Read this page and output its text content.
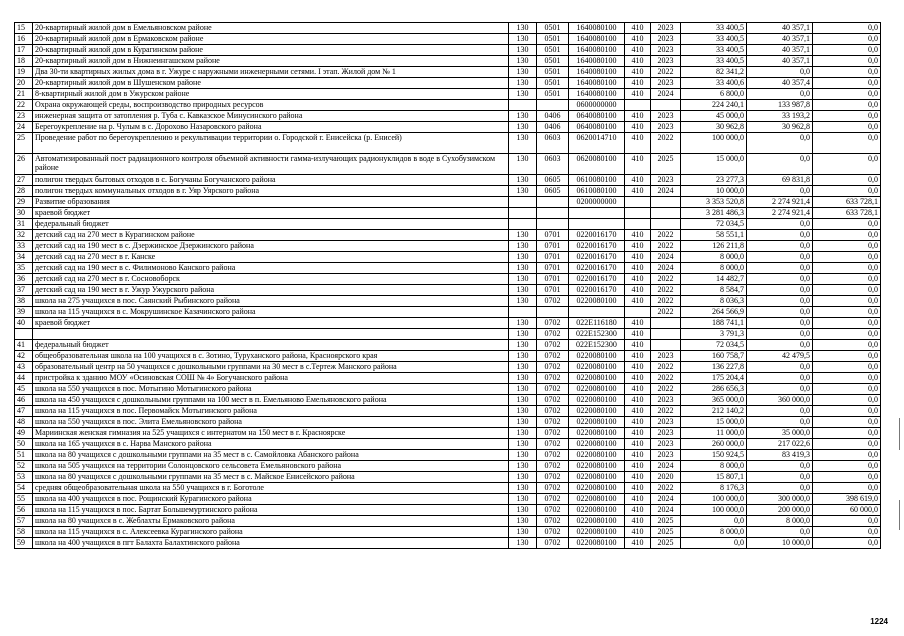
15	20-квартирный жилой дом в Емельяновском районе	130	0501	1640080100	410	2023	33 400,5	40 357,1	0,0
16	20-квартирный жилой дом в Ермаковском районе	130	0501	1640080100	410	2023	33 400,5	40 357,1	0,0
17	20-квартирный жилой дом в Курагинском районе	130	0501	1640080100	410	2023	33 400,5	40 357,1	0,0
18	20-квартирный жилой дом в Нижнеингашском районе	130	0501	1640080100	410	2023	33 400,5	40 357,1	0,0
19	Два 30-ти квартирных жилых дома в г. Ужуре с наружными инженерными сетями. I этап. Жилой дом № 1	130	0501	1640080100	410	2022	82 341,2	0,0	0,0
20	20-квартирный жилой дом в Шушенском районе	130	0501	1640080100	410	2023	33 400,6	40 357,4	0,0
21	8-квартирный жилой дом в Ужурском районе	130	0501	1640080100	410	2024	6 800,0	0,0	0,0
22	Охрана окружающей среды, воспроизводство природных ресурсов			0600000000			224 240,1	133 987,8	0,0
23	инженерная защита от затопления р. Туба с. Кавказское Минусинского района	130	0406	0640080100	410	2023	45 000,0	33 193,2	0,0
24	Берегоукрепление на р. Чулым в с. Дорохово Назаровского района	130	0406	0640080100	410	2023	30 962,8	30 962,8	0,0
25	Проведение работ по берегоукреплению и рекультивации территории о. Городской г. Енисейска (р. Енисей)	130	0603	0620014710	410	2022	100 000,0	0,0	0,0
26	Автоматизированный пост радиационного контроля объемной активности гамма-излучающих радионуклидов в воде в Сухобузимском районе	130	0603	0620080100	410	2025	15 000,0	0,0	0,0
27	полигон твердых бытовых отходов в с. Богучаны Богучанского района	130	0605	0610080100	410	2023	23 277,3	69 831,8	0,0
28	полигон твердых коммунальных отходов в г. Уяр Уярского района	130	0605	0610080100	410	2024	10 000,0	0,0	0,0
29	Развитие образования			0200000000			3 353 520,8	2 274 921,4	633 728,1
30	краевой бюджет						3 281 486,3	2 274 921,4	633 728,1
31	федеральный бюджет						72 034,5	0,0	0,0
32	детский сад на 270 мест в Курагинском районе	130	0701	0220016170	410	2022	58 551,1	0,0	0,0
33	детский сад на 190 мест в с. Дзержинское Дзержинского района	130	0701	0220016170	410	2022	126 211,8	0,0	0,0
34	детский сад на 270 мест в г. Канске	130	0701	0220016170	410	2024	8 000,0	0,0	0,0
35	детский сад на 190 мест в с. Филимоново Канского района	130	0701	0220016170	410	2024	8 000,0	0,0	0,0
36	детский сад на 270 мест в г. Сосновоборск	130	0701	0220016170	410	2022	14 482,7	0,0	0,0
37	детский сад на 190 мест в г. Ужур Ужурского района	130	0701	0220016170	410	2022	8 584,7	0,0	0,0
38	школа на 275 учащихся в пос. Саянский Рыбинского района	130	0702	0220080100	410	2022	8 036,3	0,0	0,0
39	школа на 115 учащихся в с. Мокрушинское Казачинского района					2022	264 566,9	0,0	0,0
40	краевой бюджет	130	0702	022E116180	410		188 741,1	0,0	0,0
		130	0702	022E152300	410		3 791,3	0,0	0,0
41	федеральный бюджет	130	0702	022E152300	410		72 034,5	0,0	0,0
42	общеобразовательная школа на 100 учащихся в с. Зотино, Туруханского района, Красноярского края	130	0702	0220080100	410	2023	160 758,7	42 479,5	0,0
43	образовательный центр на 50 учащихся с дошкольными группами на 30 мест в с.Тертеж Манского района	130	0702	0220080100	410	2022	136 227,8	0,0	0,0
44	пристройка к зданию МОУ «Осиновская СОШ № 4» Богучанского района	130	0702	0220080100	410	2022	175 204,4	0,0	0,0
45	школа на 550 учащихся в пос. Мотыгино Мотыгинского района	130	0702	0220080100	410	2022	286 656,3	0,0	0,0
46	школа на 450 учащихся с дошкольными группами на 100 мест в п. Емельяново Емельяновского района	130	0702	0220080100	410	2023	365 000,0	360 000,0	0,0
47	школа на 115 учащихся в пос. Первомайск Мотыгинского района	130	0702	0220080100	410	2022	212 140,2	0,0	0,0
48	школа на 550 учащихся в пос. Элита Емельяновского района	130	0702	0220080100	410	2023	15 000,0	0,0	0,0
49	Мариинская женская гимназия на 525 учащихся с интернатом на 150 мест в г. Красноярске	130	0702	0220080100	410	2023	11 000,0	35 000,0	0,0
50	школа на 165 учащихся в с. Нарва Манского района	130	0702	0220080100	410	2023	260 000,0	217 022,6	0,0
51	школа на 80 учащихся с дошкольными группами на 35 мест в с. Самойловка Абанского района	130	0702	0220080100	410	2023	150 924,5	83 419,3	0,0
52	школа на 505 учащихся на территории Солонцовского сельсовета Емельяновского района	130	0702	0220080100	410	2024	8 000,0	0,0	0,0
53	школа на 80 учащихся с дошкольными группами на 35 мест в с. Майское Енисейского района	130	0702	0220080100	410	2020	15 807,1	0,0	0,0
54	средняя общеобразовательная школа на 550 учащихся в г. Боготоле	130	0702	0220080100	410	2022	8 176,3	0,0	0,0
55	школа на 400 учащихся в пос. Рощинский Курагинского района	130	0702	0220080100	410	2024	100 000,0	300 000,0	398 619,0
56	школа на 115 учащихся в пос. Бартат Большемуртинского района	130	0702	0220080100	410	2024	100 000,0	200 000,0	60 000,0
57	школа на 80 учащихся в с. Жеблахты Ермаковского района	130	0702	0220080100	410	2025	0,0	8 000,0	0,0
58	школа на 115 учащихся в с. Алексеевка Курагинского района	130	0702	0220080100	410	2025	8 000,0	0,0	0,0
59	школа на 400 учащихся в пгт Балахта Балахтинского района	130	0702	0220080100	410	2025	0,0	10 000,0	0,0
1224
